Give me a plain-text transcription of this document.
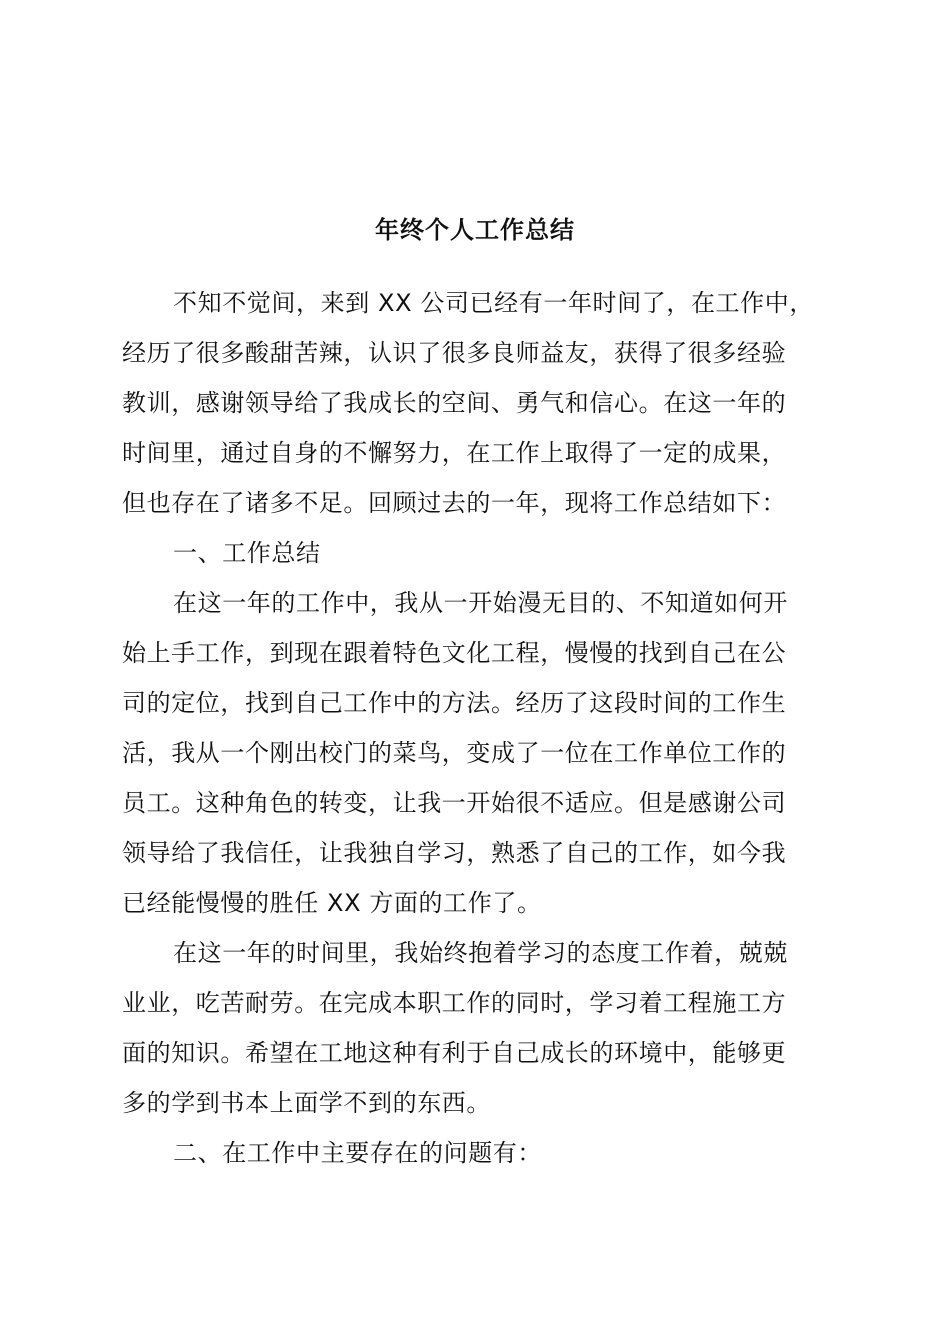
年终个人工作总结
不知不觉间，来到 XX 公司已经有一年时间了，在工作中，
经历了很多酸甜苦辣，认识了很多良师益友，获得了很多经验
教训，感谢领导给了我成长的空间、勇气和信心。在这一年的
时间里，通过自身的不懈努力，在工作上取得了一定的成果，
但也存在了诸多不足。回顾过去的一年，现将工作总结如下：
一、工作总结
在这一年的工作中，我从一开始漫无目的、不知道如何开
始上手工作，到现在跟着特色文化工程，慢慢的找到自己在公
司的定位，找到自己工作中的方法。经历了这段时间的工作生
活，我从一个刚出校门的菜鸟，变成了一位在工作单位工作的
员工。这种角色的转变，让我一开始很不适应。但是感谢公司
领导给了我信任，让我独自学习，熟悉了自己的工作，如今我
已经能慢慢的胜任 XX 方面的工作了。
在这一年的时间里，我始终抱着学习的态度工作着，兢兢
业业，吃苦耐劳。在完成本职工作的同时，学习着工程施工方
面的知识。希望在工地这种有利于自己成长的环境中，能够更
多的学到书本上面学不到的东西。
二、在工作中主要存在的问题有：
